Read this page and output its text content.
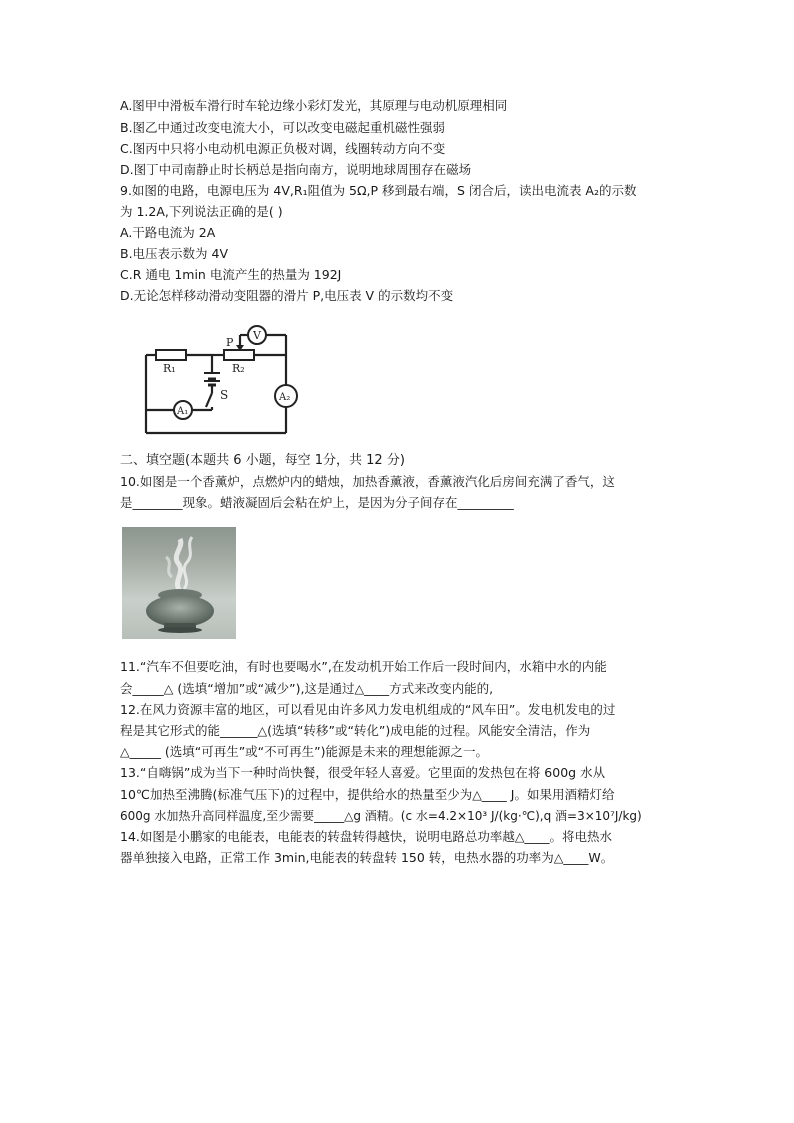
A.图甲中滑板车滑行时车轮边缘小彩灯发光，其原理与电动机原理相同
B.图乙中通过改变电流大小，可以改变电磁起重机磁性强弱
C.图丙中只将小电动机电源正负极对调，线圈转动方向不变
D.图丁中司南静止时长柄总是指向南方，说明地球周围存在磁场
9.如图的电路，电源电压为 4V,R₁阻值为 5Ω,P 移到最右端，S 闭合后，读出电流表 A₂的示数
为 1.2A,下列说法正确的是( )
A.干路电流为 2A
B.电压表示数为 4V
C.R 通电 1min 电流产生的热量为 192J
D.无论怎样移动滑动变阻器的滑片 P,电压表 V 的示数均不变
R₁	R₂
P
V
A₁
A₂
S
二、填空题(本题共 6 小题，每空 1分，共 12 分)
10.如图是一个香薰炉，点燃炉内的蜡烛，加热香薰液，香薰液汽化后房间充满了香气，这
是________现象。蜡液凝固后会粘在炉上，是因为分子间存在_________
11.“汽车不但要吃油，有时也要喝水”,在发动机开始工作后一段时间内，水箱中水的内能
会_____△ (选填“增加”或“减少”),这是通过△____方式来改变内能的,
12.在风力资源丰富的地区，可以看见由许多风力发电机组成的“风车田”。发电机发电的过
程是其它形式的能______△(选填“转移”或“转化”)成电能的过程。风能安全清洁，作为
△_____ (选填“可再生”或“不可再生”)能源是未来的理想能源之一。
13.“自嗨锅”成为当下一种时尚快餐，很受年轻人喜爱。它里面的发热包在将 600g 水从
10℃加热至沸腾(标准气压下)的过程中，提供给水的热量至少为△____ J。如果用酒精灯给
600g 水加热升高同样温度,至少需要_____△g 酒精。(c 水=4.2×10³ J/(kg·℃),q 酒=3×10⁷J/kg)
14.如图是小鹏家的电能表，电能表的转盘转得越快，说明电路总功率越△____。将电热水
器单独接入电路，正常工作 3min,电能表的转盘转 150 转，电热水器的功率为△____W。
